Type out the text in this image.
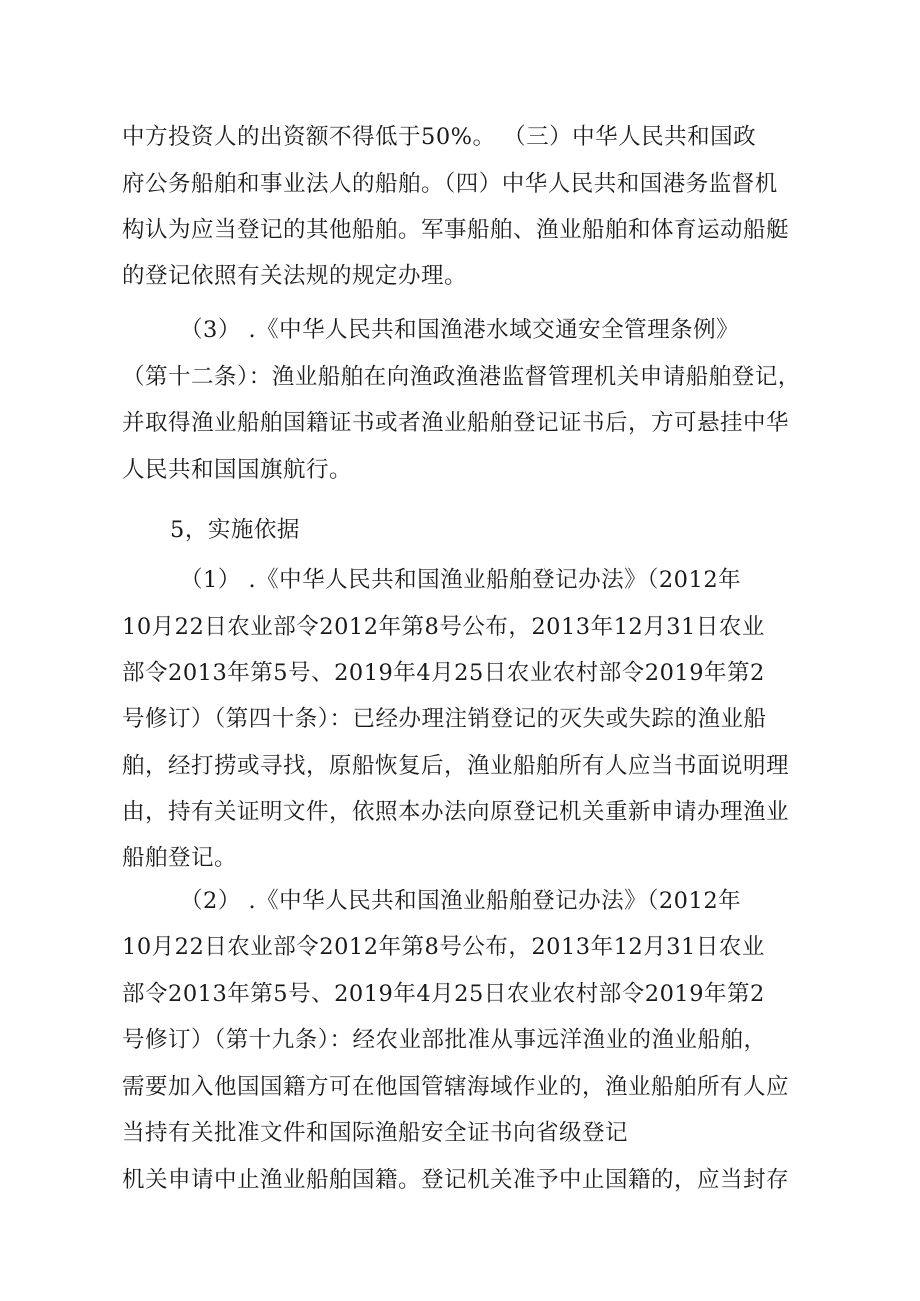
中方投资人的出资额不得低于50%。 （三）中华人民共和国政
府公务船舶和事业法人的船舶。（四）中华人民共和国港务监督机
构认为应当登记的其他船舶。军事船舶、渔业船舶和体育运动船艇
的登记依照有关法规的规定办理。
（3） .《中华人民共和国渔港水域交通安全管理条例》
（第十二条）：渔业船舶在向渔政渔港监督管理机关申请船舶登记，
并取得渔业船舶国籍证书或者渔业船舶登记证书后，方可悬挂中华
人民共和国国旗航行。
5，实施依据
（1） .《中华人民共和国渔业船舶登记办法》（2012年
10月22日农业部令2012年第8号公布，2013年12月31日农业
部令2013年第5号、2019年4月25日农业农村部令2019年第2
号修订）（第四十条）：已经办理注销登记的灭失或失踪的渔业船
舶，经打捞或寻找，原船恢复后，渔业船舶所有人应当书面说明理
由，持有关证明文件，依照本办法向原登记机关重新申请办理渔业
船舶登记。
（2） .《中华人民共和国渔业船舶登记办法》（2012年
10月22日农业部令2012年第8号公布，2013年12月31日农业
部令2013年第5号、2019年4月25日农业农村部令2019年第2
号修订）（第十九条）：经农业部批准从事远洋渔业的渔业船舶，
需要加入他国国籍方可在他国管辖海域作业的，渔业船舶所有人应
当持有关批准文件和国际渔船安全证书向省级登记
机关申请中止渔业船舶国籍。登记机关准予中止国籍的，应当封存
